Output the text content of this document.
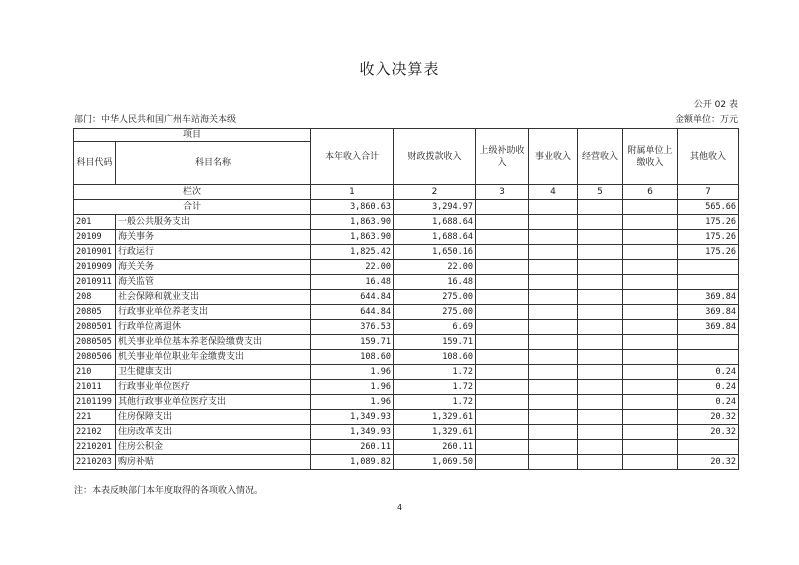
收入决算表
公开 02 表
部门：中华人民共和国广州车站海关本级	金额单位：万元
项目		本年收入合计	财政拨款收入	上级补助收入	事业收入	经营收入	附属单位上缴收入	其他收入
科目代码	科目名称							
栏次		1	2	3	4	5	6	7
合计		3,860.63	3,294.97					565.66
201	一般公共服务支出	1,863.90	1,688.64					175.26
20109	海关事务	1,863.90	1,688.64					175.26
2010901	行政运行	1,825.42	1,650.16					175.26
2010909	海关关务	22.00	22.00					
2010911	海关监管	16.48	16.48					
208	社会保障和就业支出	644.84	275.00					369.84
20805	行政事业单位养老支出	644.84	275.00					369.84
2080501	行政单位离退休	376.53	6.69					369.84
2080505	机关事业单位基本养老保险缴费支出	159.71	159.71					
2080506	机关事业单位职业年金缴费支出	108.60	108.60					
210	卫生健康支出	1.96	1.72					0.24
21011	行政事业单位医疗	1.96	1.72					0.24
2101199	其他行政事业单位医疗支出	1.96	1.72					0.24
221	住房保障支出	1,349.93	1,329.61					20.32
22102	住房改革支出	1,349.93	1,329.61					20.32
2210201	住房公积金	260.11	260.11					
2210203	购房补贴	1,089.82	1,069.50					20.32
注：本表反映部门本年度取得的各项收入情况。
4
